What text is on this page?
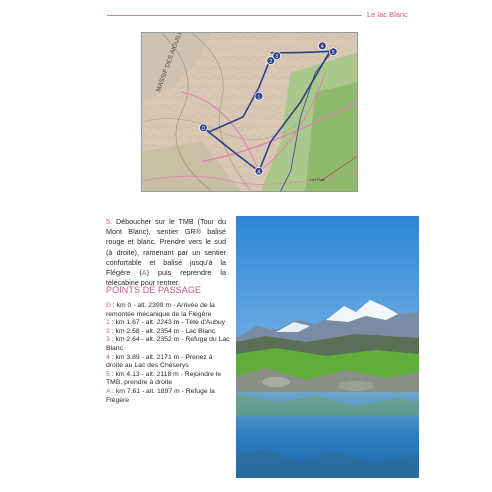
Le lac Blanc
Les Praz
1
2
3
4
5
D
A
5. Déboucher sur le TMB (Tour du Mont Blanc), sentier GR® balisé rouge et blanc. Prendre vers le sud (à droite), ramenant par un sentier confortable et balisé jusqu'à la Flégère (A) puis reprendre la télécabine pour rentrer.
POINTS DE PASSAGE

D : km 0 - alt. 2399 m - Arrivée de la remontée mécanique de la Flégère

1 : km 1.67 - alt. 2243 m - Tête d'Aubuy

2 : km 2.58 - alt. 2354 m - Lac Blanc

3 : km 2.64 - alt. 2352 m - Refuge du Lac Blanc

4 : km 3.89 - alt. 2171 m - Prenez à droite au Lac des Chéserys

5 : km 4.13 - alt. 2118 m - Rejoindre le TMB, prendre à droite

A : km 7.61 - alt. 1897 m - Refuge la Flégère
